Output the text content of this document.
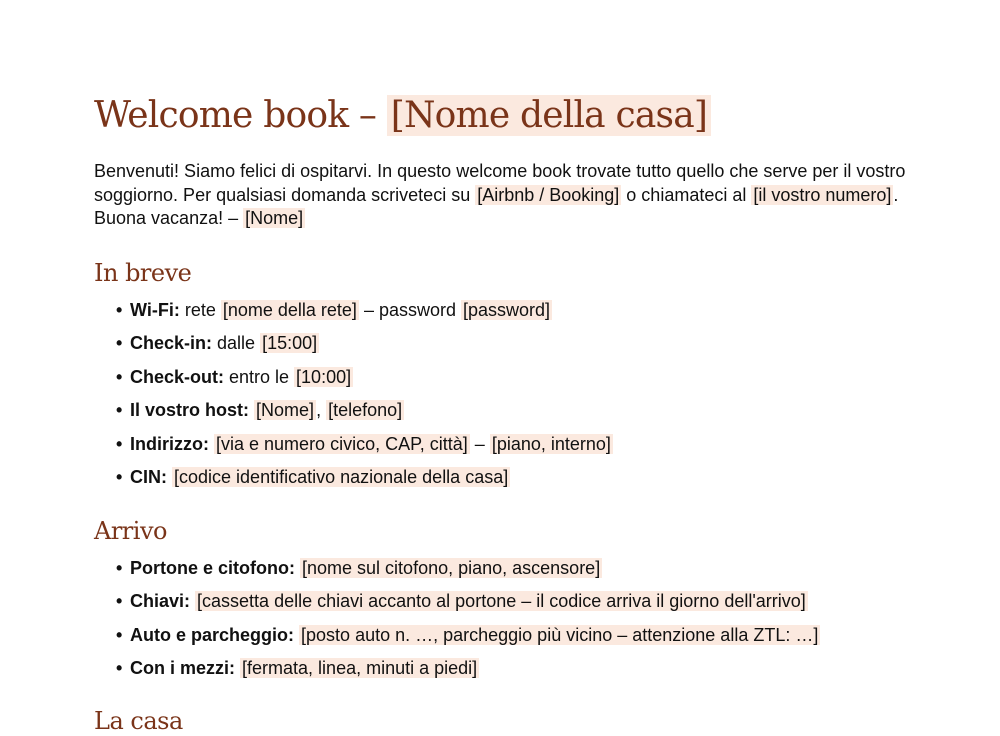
Welcome book – [Nome della casa]

Benvenuti! Siamo felici di ospitarvi. In questo welcome book trovate tutto quello che serve per il vostro soggiorno. Per qualsiasi domanda scriveteci su [Airbnb / Booking] o chiamateci al [il vostro numero] . Buona vacanza! – [Nome]

In breve
• Wi-Fi: rete [nome della rete] – password [password]
• Check-in: dalle [15:00]
• Check-out: entro le [10:00]
• Il vostro host: [Nome] , [telefono]
• Indirizzo: [via e numero civico, CAP, città] – [piano, interno]
• CIN: [codice identificativo nazionale della casa]
Arrivo
• Portone e citofono: [nome sul citofono, piano, ascensore]
• Chiavi: [cassetta delle chiavi accanto al portone – il codice arriva il giorno dell'arrivo]
• Auto e parcheggio: [posto auto n. …, parcheggio più vicino – attenzione alla ZTL: …]
• Con i mezzi: [fermata, linea, minuti a piedi]
La casa
